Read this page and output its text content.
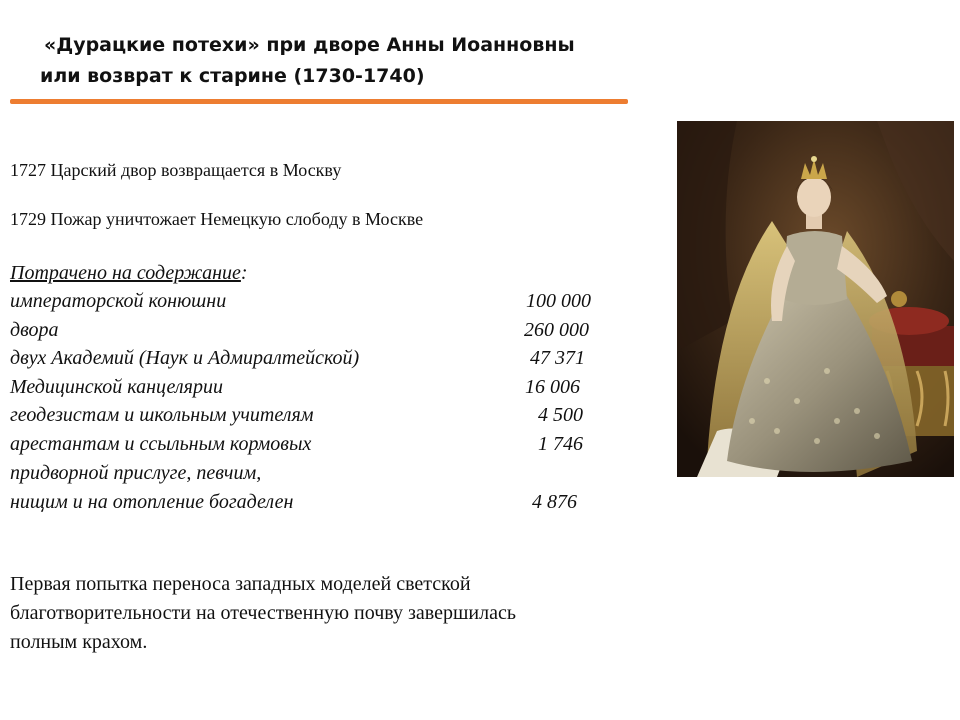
«Дурацкие потехи» при дворе Анны Иоанновны
или возврат к старине (1730-1740)
1727 Царский двор возвращается в Москву
1729 Пожар уничтожает Немецкую слободу в Москве
Потрачено на содержание:
императорской конюшни	100 000
двора	260 000
двух Академий (Наук и Адмиралтейской)	47 371
Медицинской канцелярии	16 006
геодезистам и школьным учителям	4 500
арестантам и ссыльным кормовых	1 746
придворной прислуге, певчим,
нищим и на отопление богаделен	4 876
Первая попытка переноса западных моделей светской
благотворительности на отечественную почву завершилась
полным крахом.
